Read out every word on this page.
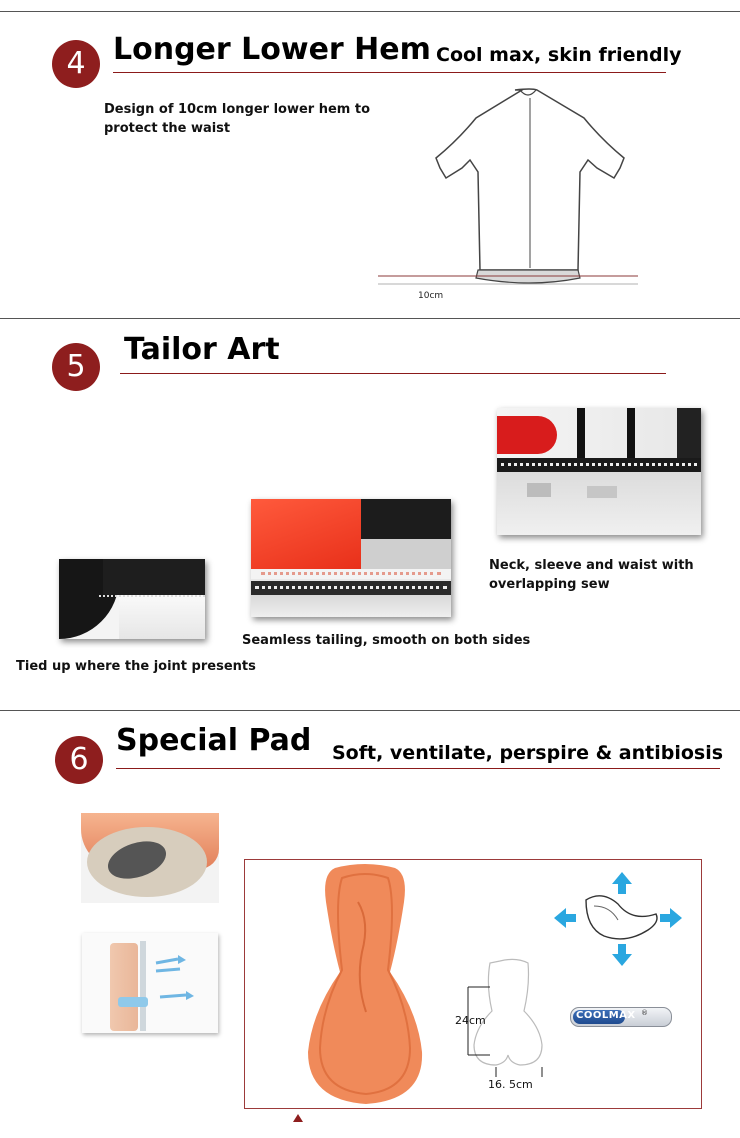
4 Longer Lower Hem Cool max, skin friendly
Design of 10cm longer lower hem to protect the waist
10cm
5	Tailor Art
Neck, sleeve and waist with overlapping sew
Seamless tailing, smooth on both sides
Tied up where the joint presents
6
Special Pad Soft, ventilate, perspire & antibiosis
24cm
16. 5cm
COOLMAX ®
